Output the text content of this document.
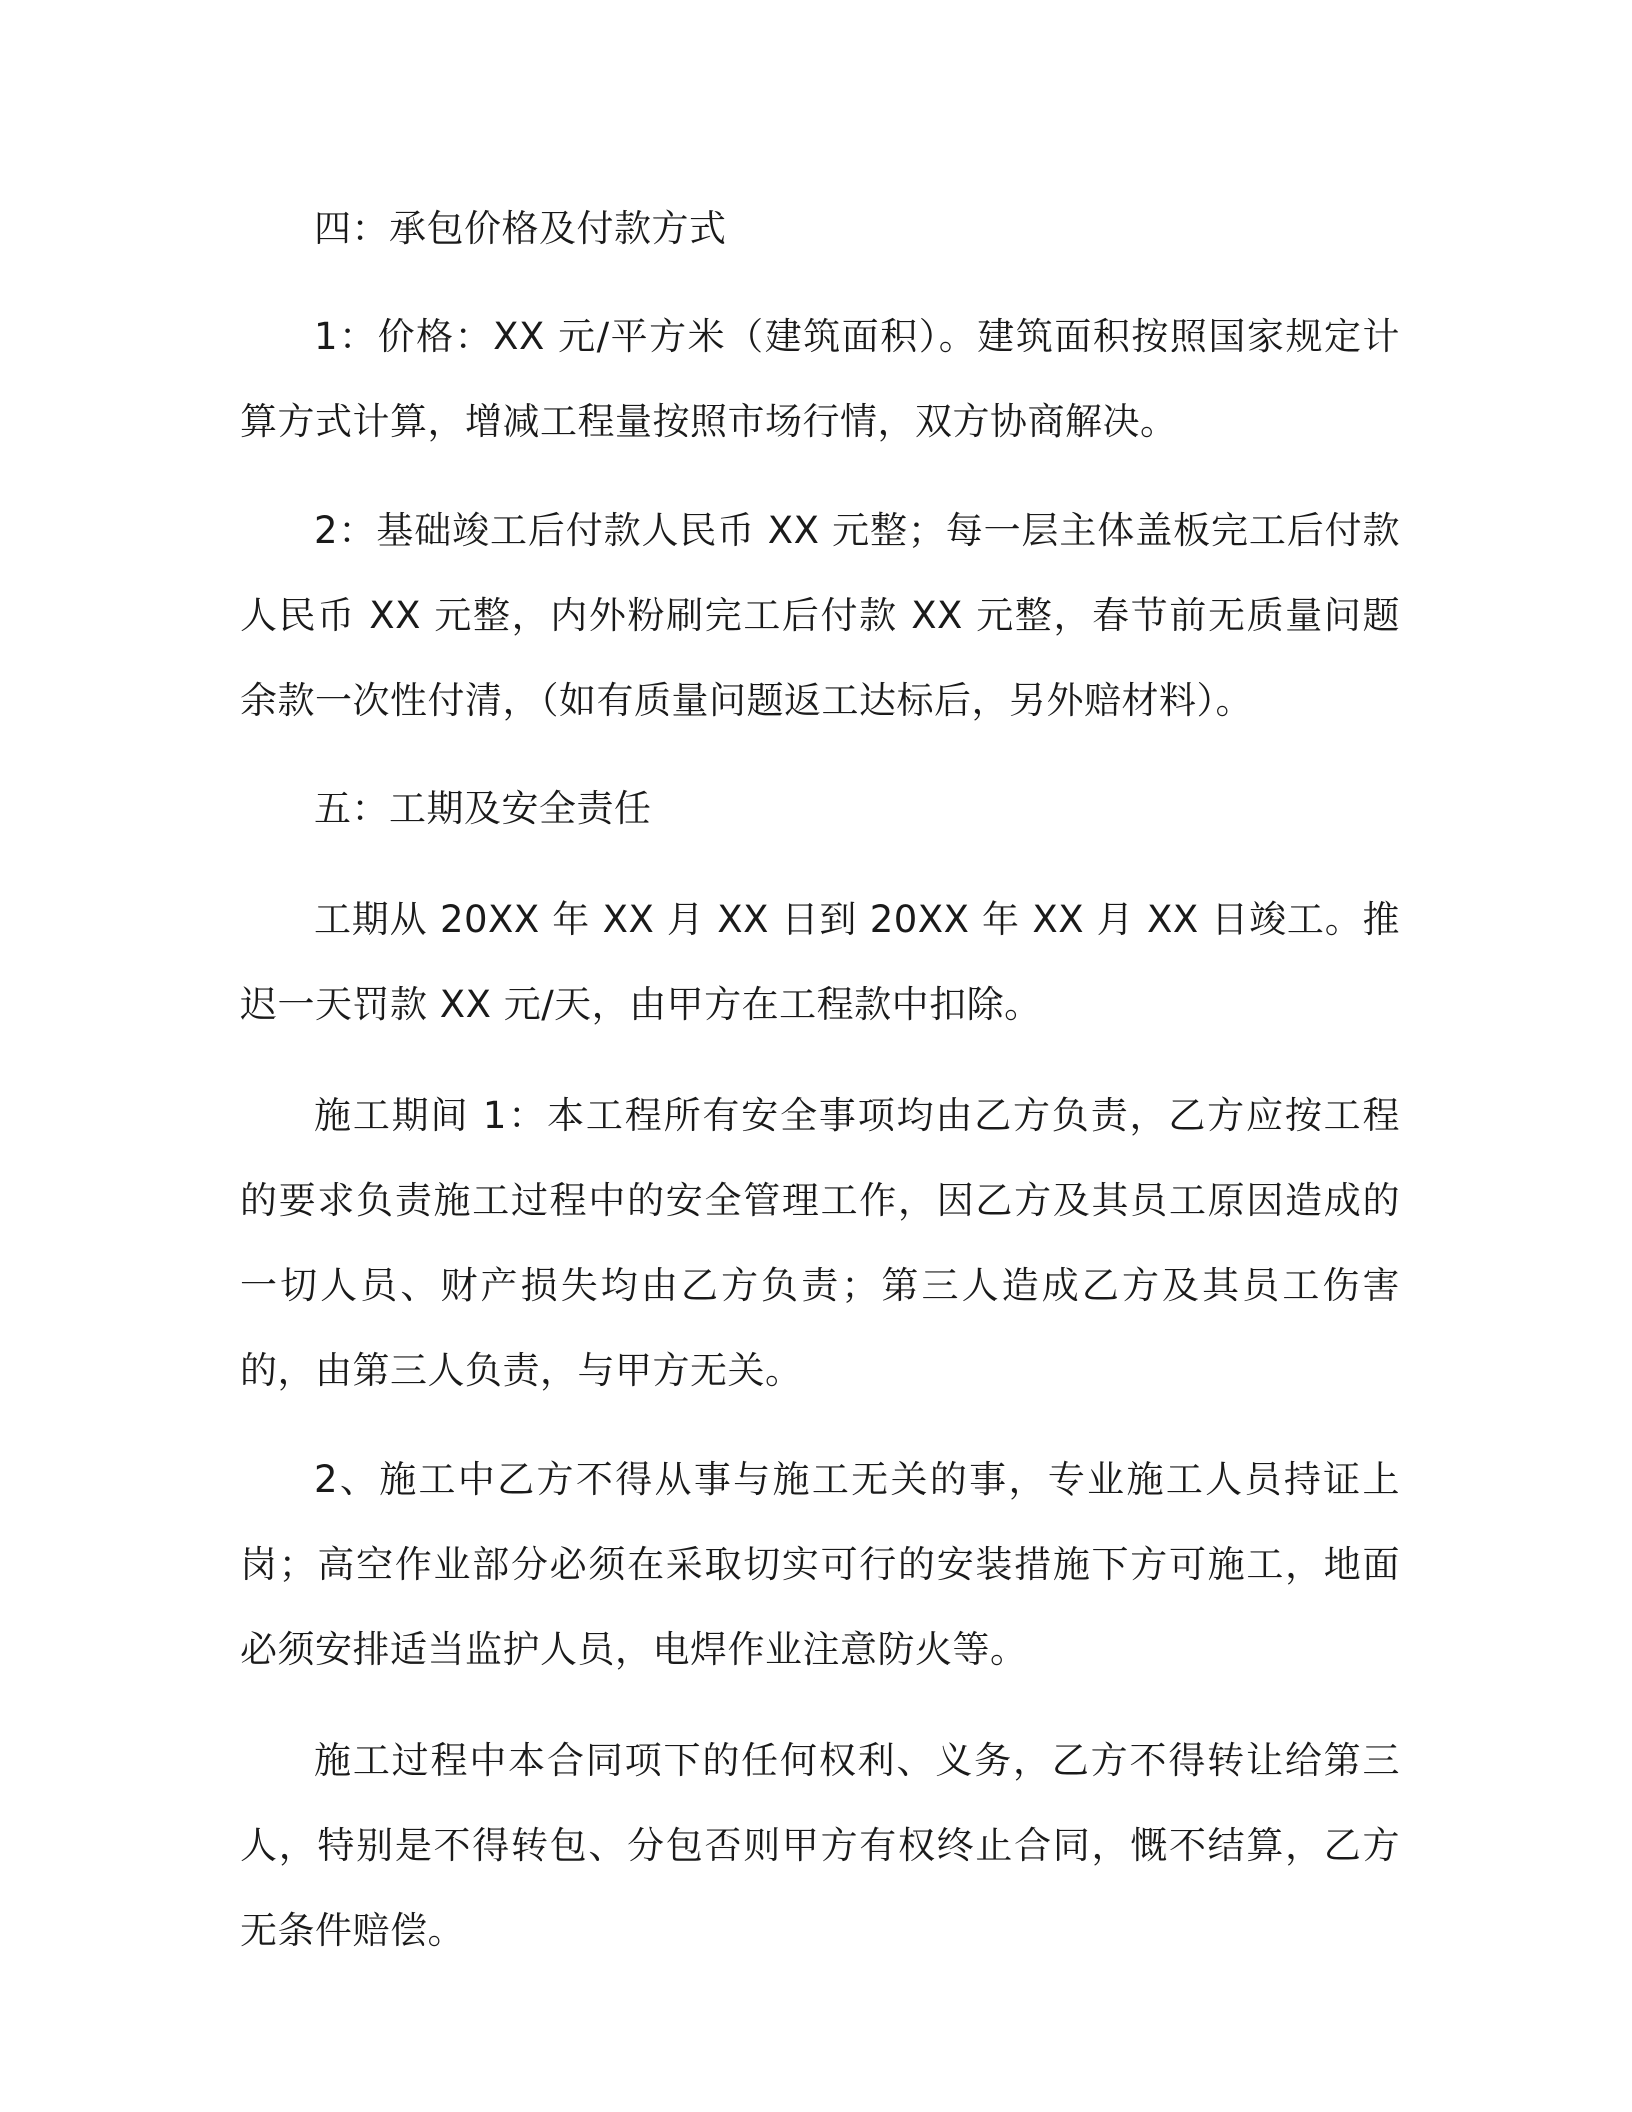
四：承包价格及付款方式

1：价格：XX 元/平方米（建筑面积）。建筑面积按照国家规定计算方式计算，增减工程量按照市场行情，双方协商解决。

2：基础竣工后付款人民币 XX 元整；每一层主体盖板完工后付款人民币 XX 元整，内外粉刷完工后付款 XX 元整，春节前无质量问题余款一次性付清，（如有质量问题返工达标后，另外赔材料）。

五：工期及安全责任

工期从 20XX 年 XX 月 XX 日到 20XX 年 XX 月 XX 日竣工。推迟一天罚款 XX 元/天，由甲方在工程款中扣除。

施工期间 1：本工程所有安全事项均由乙方负责，乙方应按工程的要求负责施工过程中的安全管理工作，因乙方及其员工原因造成的一切人员、财产损失均由乙方负责；第三人造成乙方及其员工伤害的，由第三人负责，与甲方无关。

2、施工中乙方不得从事与施工无关的事，专业施工人员持证上岗；高空作业部分必须在采取切实可行的安装措施下方可施工，地面必须安排适当监护人员，电焊作业注意防火等。

施工过程中本合同项下的任何权利、义务，乙方不得转让给第三人，特别是不得转包、分包否则甲方有权终止合同，慨不结算，乙方无条件赔偿。
